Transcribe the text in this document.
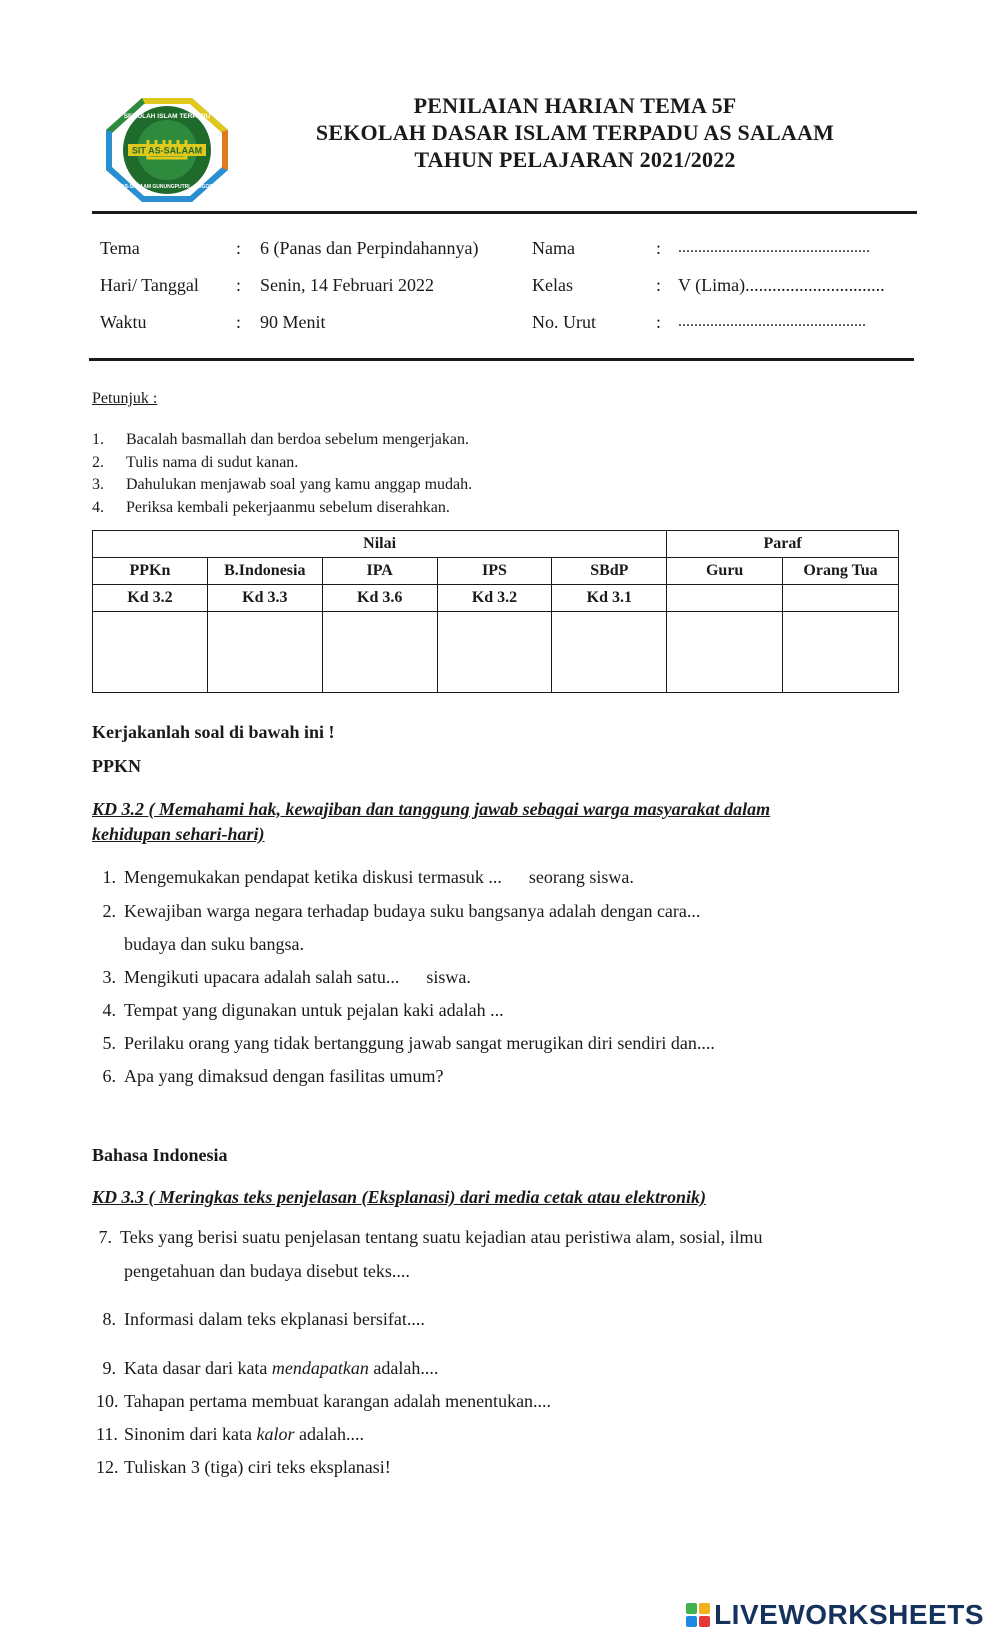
SIT AS-SALAAM
SEKOLAH ISLAM TERPADU
AS-SALAAM GUNUNGPUTRI - BOGOR
PENILAIAN HARIAN TEMA 5F
SEKOLAH DASAR ISLAM TERPADU AS SALAAM
TAHUN PELAJARAN 2021/2022
Tema	: 6 (Panas dan Perpindahannya)
Hari/ Tanggal : Senin, 14 Februari 2022
Waktu	: 90 Menit
Nama	: ................................................
Kelas	: V (Lima)...............................
No. Urut	: ...............................................
Petunjuk :
1. Bacalah basmallah dan berdoa sebelum mengerjakan.
2. Tulis nama di sudut kanan.
3. Dahulukan menjawab soal yang kamu anggap mudah.
4. Periksa kembali pekerjaanmu sebelum diserahkan.
Nilai					Paraf	
PPKn	B.Indonesia	IPA	IPS	SBdP	Guru	Orang Tua
Kd 3.2	Kd 3.3	Kd 3.6	Kd 3.2	Kd 3.1		

Kerjakanlah soal di bawah ini !
PPKN
KD 3.2 ( Memahami hak, kewajiban dan tanggung jawab sebagai warga masyarakat dalam
kehidupan sehari-hari)
1. Mengemukakan pendapat ketika diskusi termasuk ...      seorang siswa.
2. Kewajiban warga negara terhadap budaya suku bangsanya adalah dengan cara...
budaya dan suku bangsa.
3. Mengikuti upacara adalah salah satu...      siswa.
4. Tempat yang digunakan untuk pejalan kaki adalah ...
5. Perilaku orang yang tidak bertanggung jawab sangat merugikan diri sendiri dan....
6. Apa yang dimaksud dengan fasilitas umum?
Bahasa Indonesia
KD 3.3 ( Meringkas teks penjelasan (Eksplanasi) dari media cetak atau elektronik)
7. Teks yang berisi suatu penjelasan tentang suatu kejadian atau peristiwa alam, sosial, ilmu
pengetahuan dan budaya disebut teks....
8. Informasi dalam teks ekplanasi bersifat....
9. Kata dasar dari kata mendapatkan adalah....
10. Tahapan pertama membuat karangan adalah menentukan....
11. Sinonim dari kata kalor adalah....
12. Tuliskan 3 (tiga) ciri teks eksplanasi!
LIVEWORKSHEETS
